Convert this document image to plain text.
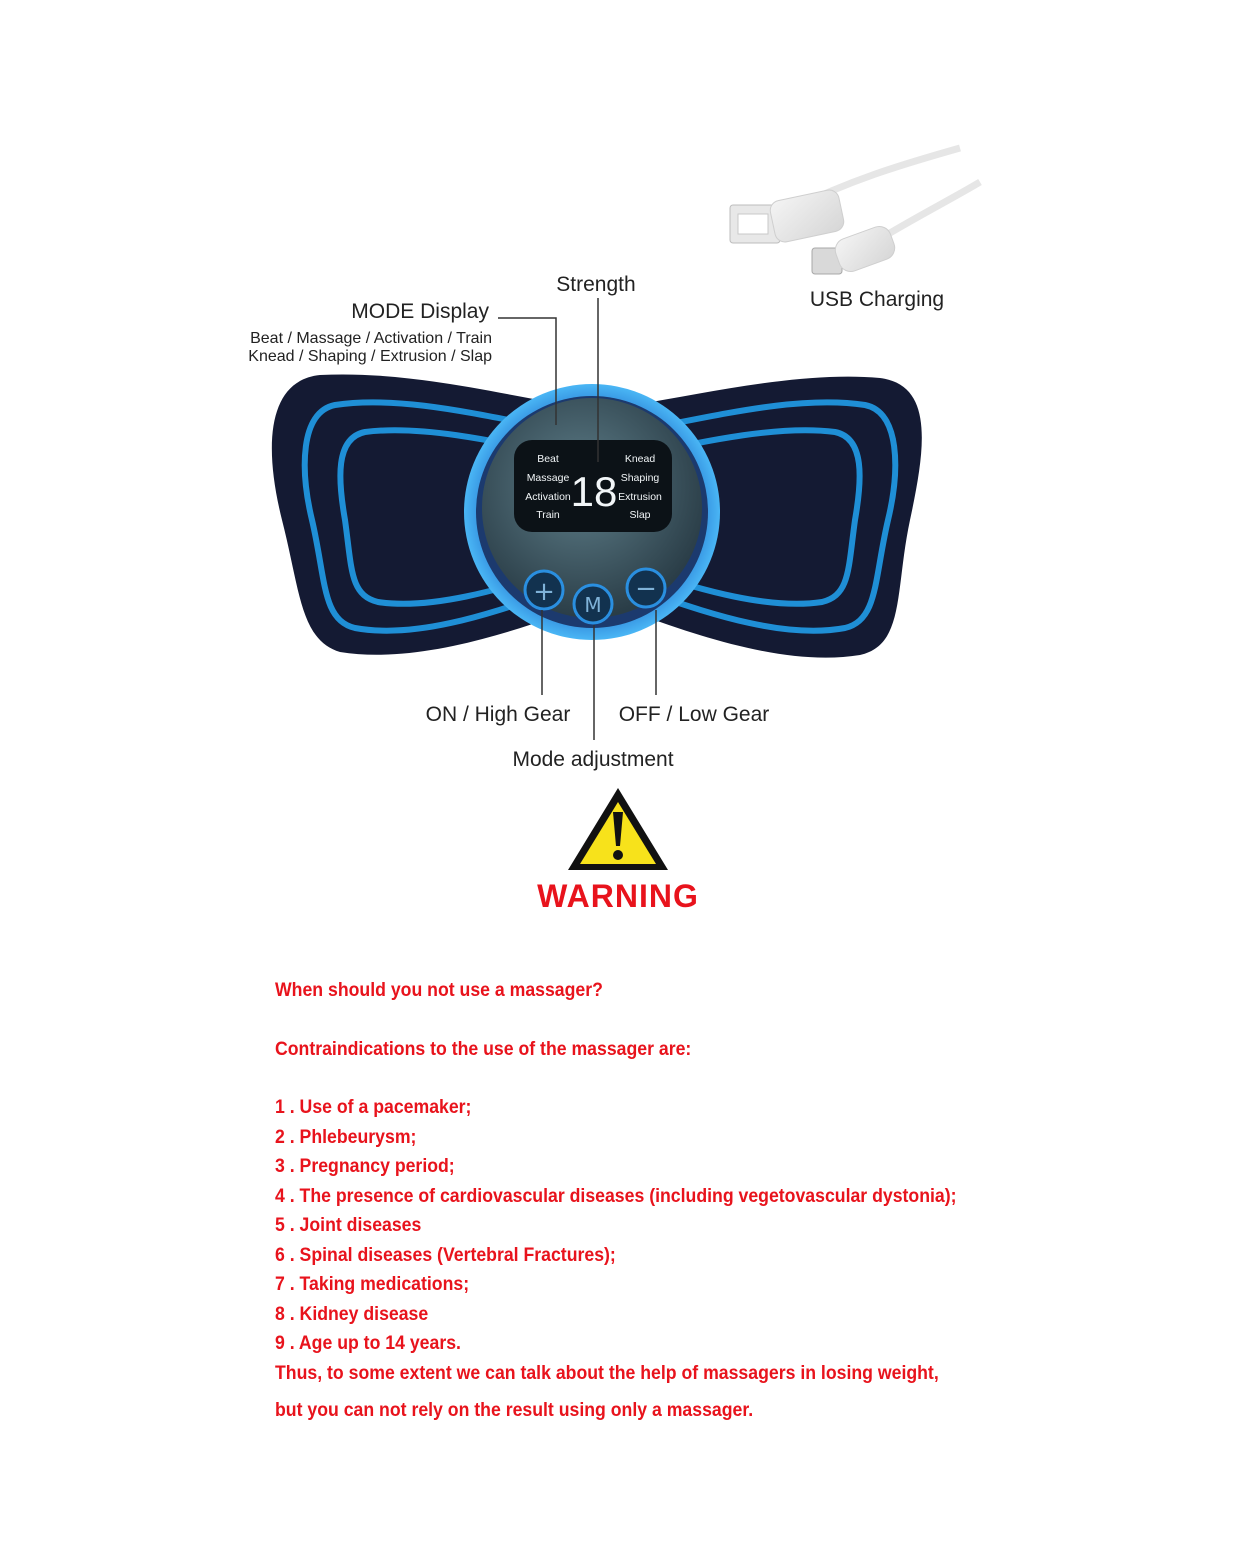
Beat
Massage
Activation
Train
Knead
Shaping
Extrusion
Slap
18
+ M
−
Strength
MODE Display
Beat / Massage / Activation / Train
Knead / Shaping / Extrusion / Slap
USB Charging
ON / High Gear OFF / Low Gear
Mode adjustment
WARNING

When should you not use a massager?

Contraindications to the use of the massager are:

1 . Use of a pacemaker;
2 . Phlebeurysm;
3 . Pregnancy period;
4 . The presence of cardiovascular diseases (including vegetovascular dystonia);
5 . Joint diseases
6 . Spinal diseases (Vertebral Fractures);
7 . Taking medications;
8 . Kidney disease
9 . Age up to 14 years.

Thus, to some extent we can talk about the help of massagers in losing weight,

but you can not rely on the result using only a massager.
